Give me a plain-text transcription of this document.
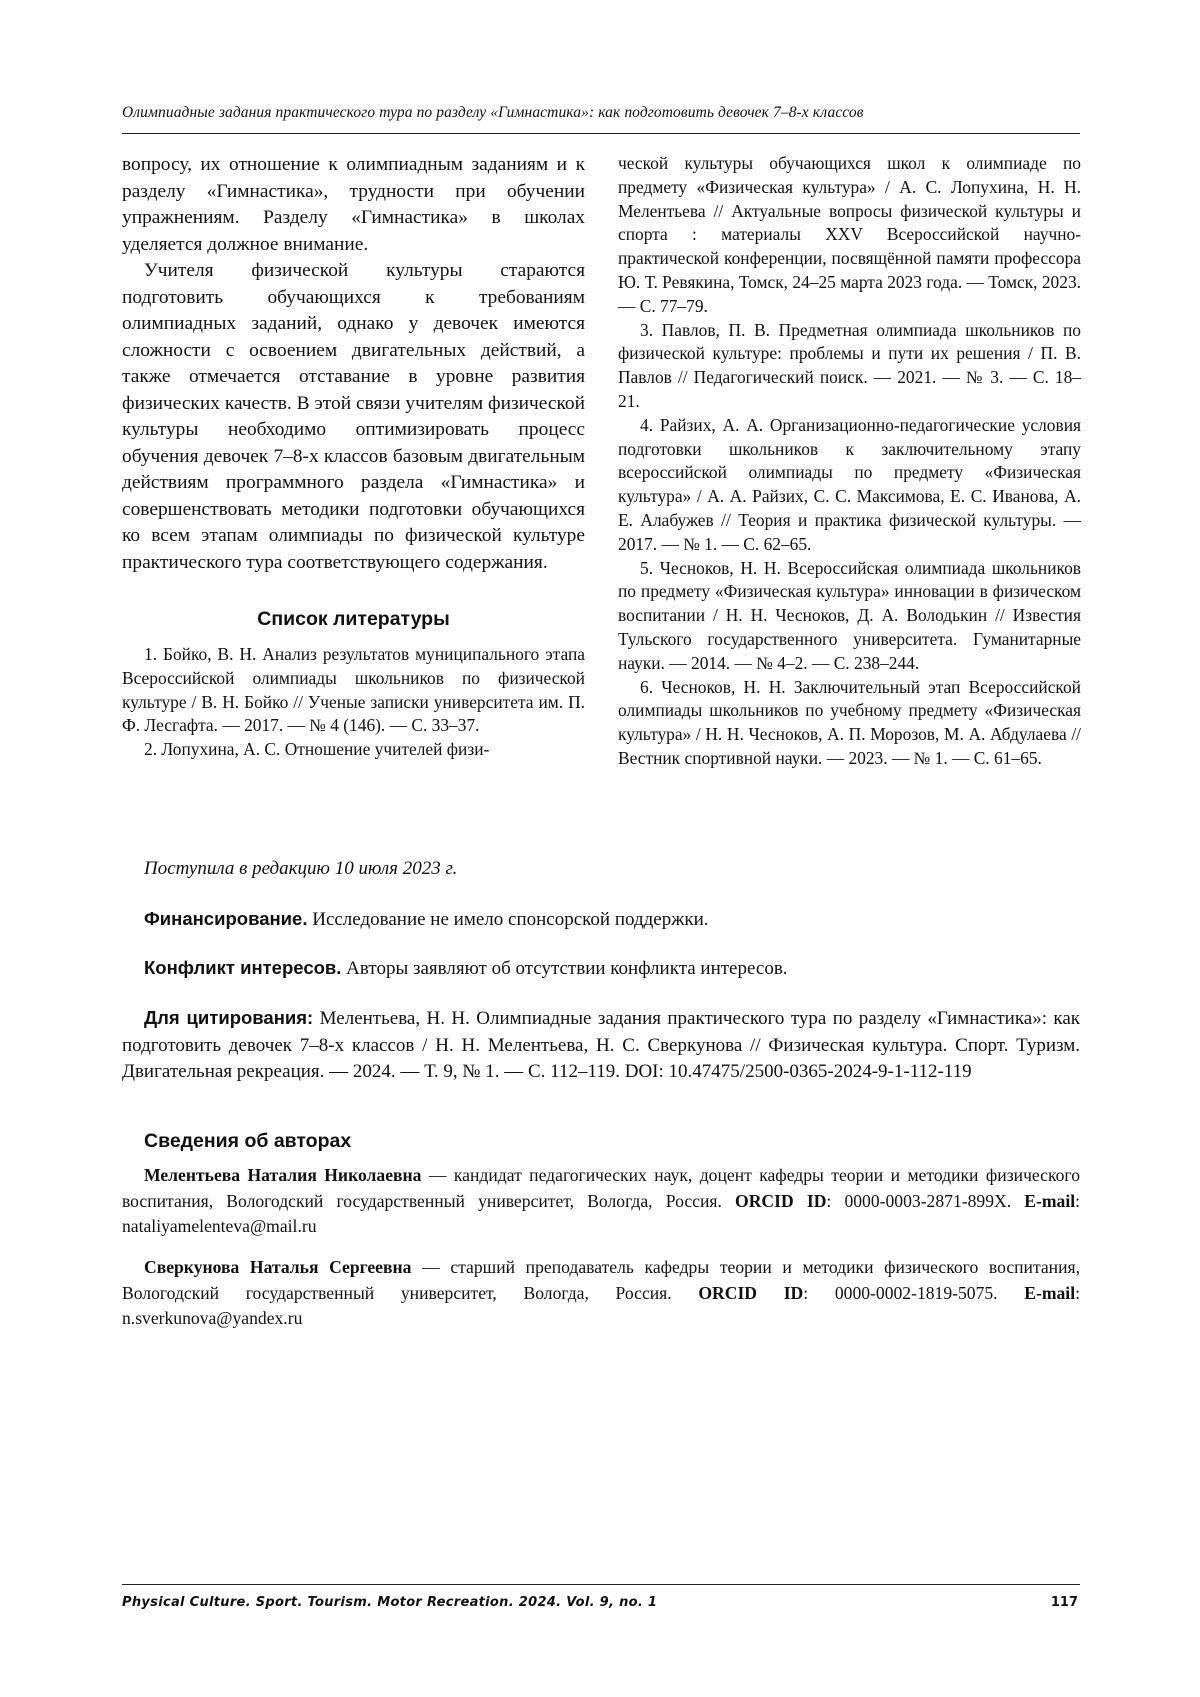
Олимпиадные задания практического тура по разделу «Гимнастика»: как подготовить девочек 7–8-х классов

вопросу, их отношение к олимпиадным заданиям и к разделу «Гимнастика», трудности при обучении упражнениям. Разделу «Гимнастика» в школах уделяется должное внимание.

Учителя физической культуры стараются подготовить обучающихся к требованиям олимпиадных заданий, однако у девочек имеются сложности с освоением двигательных действий, а также отмечается отставание в уровне развития физических качеств. В этой связи учителям физической культуры необходимо оптимизировать процесс обучения девочек 7–8-х классов базовым двигательным действиям программного раздела «Гимнастика» и совершенствовать методики подготовки обучающихся ко всем этапам олимпиады по физической культуре практического тура соответствующего содержания.

Список литературы

1. Бойко, В. Н. Анализ результатов муниципального этапа Всероссийской олимпиады школьников по физической культуре / В. Н. Бойко // Ученые записки университета им. П. Ф. Лесгафта. — 2017. — № 4 (146). — С. 33–37.

2. Лопухина, А. С. Отношение учителей физи-

ческой культуры обучающихся школ к олимпиаде по предмету «Физическая культура» / А. С. Лопухина, Н. Н. Мелентьева // Актуальные вопросы физической культуры и спорта : материалы XXV Всероссийской научно-практической конференции, посвящённой памяти профессора Ю. Т. Ревякина, Томск, 24–25 марта 2023 года. — Томск, 2023. — С. 77–79.

3. Павлов, П. В. Предметная олимпиада школьников по физической культуре: проблемы и пути их решения / П. В. Павлов // Педагогический поиск. — 2021. — № 3. — С. 18–21.

4. Райзих, А. А. Организационно-педагогические условия подготовки школьников к заключительному этапу всероссийской олимпиады по предмету «Физическая культура» / А. А. Райзих, С. С. Максимова, Е. С. Иванова, А. Е. Алабужев // Теория и практика физической культуры. — 2017. — № 1. — С. 62–65.

5. Чесноков, Н. Н. Всероссийская олимпиада школьников по предмету «Физическая культура» инновации в физическом воспитании / Н. Н. Чесноков, Д. А. Володькин // Известия Тульского государственного университета. Гуманитарные науки. — 2014. — № 4–2. — С. 238–244.

6. Чесноков, Н. Н. Заключительный этап Всероссийской олимпиады школьников по учебному предмету «Физическая культура» / Н. Н. Чесноков, А. П. Морозов, М. А. Абдулаева // Вестник спортивной науки. — 2023. — № 1. — С. 61–65.

Поступила в редакцию 10 июля 2023 г.
Финансирование. Исследование не имело спонсорской поддержки.
Конфликт интересов. Авторы заявляют об отсутствии конфликта интересов.
Для цитирования: Мелентьева, Н. Н. Олимпиадные задания практического тура по разделу «Гимнастика»: как подготовить девочек 7–8-х классов / Н. Н. Мелентьева, Н. С. Сверкунова // Физическая культура. Спорт. Туризм. Двигательная рекреация. — 2024. — Т. 9, № 1. — С. 112–119. DOI: 10.47475/2500-0365-2024-9-1-112-119
Сведения об авторах

Мелентьева Наталия Николаевна — кандидат педагогических наук, доцент кафедры теории и методики физического воспитания, Вологодский государственный университет, Вологда, Россия. ORCID ID: 0000-0003-2871-899X. E-mail: nataliyamelenteva@mail.ru

Сверкунова Наталья Сергеевна — старший преподаватель кафедры теории и методики физического воспитания, Вологодский государственный университет, Вологда, Россия. ORCID ID: 0000-0002-1819-5075. E-mail: n.sverkunova@yandex.ru

Physical Culture. Sport. Tourism. Motor Recreation. 2024. Vol. 9, no. 1	117
